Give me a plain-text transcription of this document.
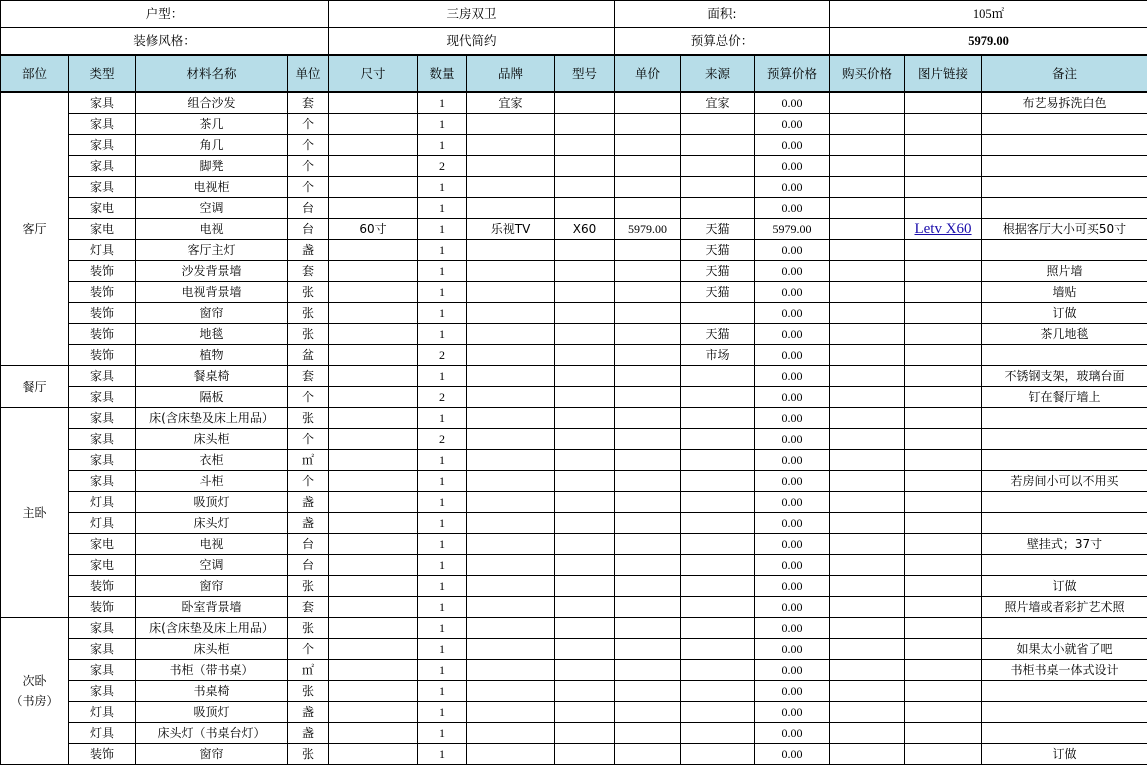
户型：				三房双卫				面积:			105㎡		
装修风格：				现代简约				预算总价：			5979.00		
部位	类型	材料名称	单位	尺寸	数量	品牌	型号	单价	来源	预算价格	购买价格	图片链接	备注
客厅	家具	组合沙发	套		1	宜家			宜家	0.00			布艺易拆洗白色
	家具	茶几	个		1					0.00			
	家具	角几	个		1					0.00			
	家具	脚凳	个		2					0.00			
	家具	电视柜	个		1					0.00			
	家电	空调	台		1					0.00			
	家电	电视	台	60寸	1	乐视TV	X60	5979.00	天猫	5979.00		Letv X60	根据客厅大小可买50寸
	灯具	客厅主灯	盏		1				天猫	0.00			
	装饰	沙发背景墙	套		1				天猫	0.00			照片墙
	装饰	电视背景墙	张		1				天猫	0.00			墙贴
	装饰	窗帘	张		1					0.00			订做
	装饰	地毯	张		1				天猫	0.00			茶几地毯
	装饰	植物	盆		2				市场	0.00			
餐厅	家具	餐桌椅	套		1					0.00			不锈钢支架，玻璃台面
	家具	隔板	个		2					0.00			钉在餐厅墙上
主卧	家具	床(含床垫及床上用品）	张		1					0.00			
	家具	床头柜	个		2					0.00			
	家具	衣柜	㎡		1					0.00			
	家具	斗柜	个		1					0.00			若房间小可以不用买
	灯具	吸顶灯	盏		1					0.00			
	灯具	床头灯	盏		1					0.00			
	家电	电视	台		1					0.00			壁挂式；37寸
	家电	空调	台		1					0.00			
	装饰	窗帘	张		1					0.00			订做
	装饰	卧室背景墙	套		1					0.00			照片墙或者彩扩艺术照
次卧
（书房）	家具	床(含床垫及床上用品）	张		1					0.00			
	家具	床头柜	个		1					0.00			如果太小就省了吧
	家具	书柜（带书桌）	㎡		1					0.00			书柜书桌一体式设计
	家具	书桌椅	张		1					0.00			
	灯具	吸顶灯	盏		1					0.00			
	灯具	床头灯（书桌台灯）	盏		1					0.00			
	装饰	窗帘	张		1					0.00			订做
